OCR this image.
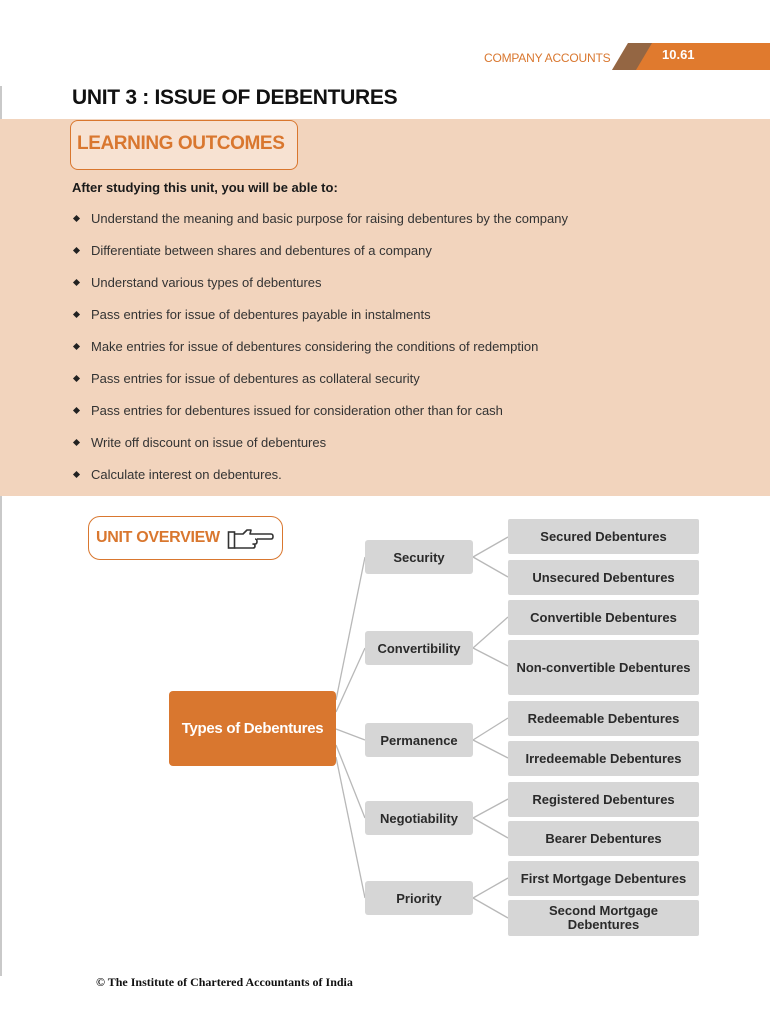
COMPANY ACCOUNTS	10.61
UNIT 3 : ISSUE OF DEBENTURES
LEARNING OUTCOMES
After studying this unit, you will be able to:
Understand the meaning and basic purpose for raising debentures by the company
Differentiate between shares and debentures of a company
Understand various types of debentures
Pass entries for issue of debentures payable in instalments
Make entries for issue of debentures considering the conditions of redemption
Pass entries for issue of debentures as collateral security
Pass entries for debentures issued for consideration other than for cash
Write off discount on issue of debentures
Calculate interest on debentures.
UNIT OVERVIEW
Types of Debentures
Security
Convertibility
Permanence
Negotiability
Priority
Secured Debentures
Unsecured Debentures
Convertible Debentures
Non-convertible Debentures
Redeemable Debentures
Irredeemable Debentures
Registered Debentures
Bearer Debentures
First Mortgage Debentures
Second Mortgage Debentures
© The Institute of Chartered Accountants of India
